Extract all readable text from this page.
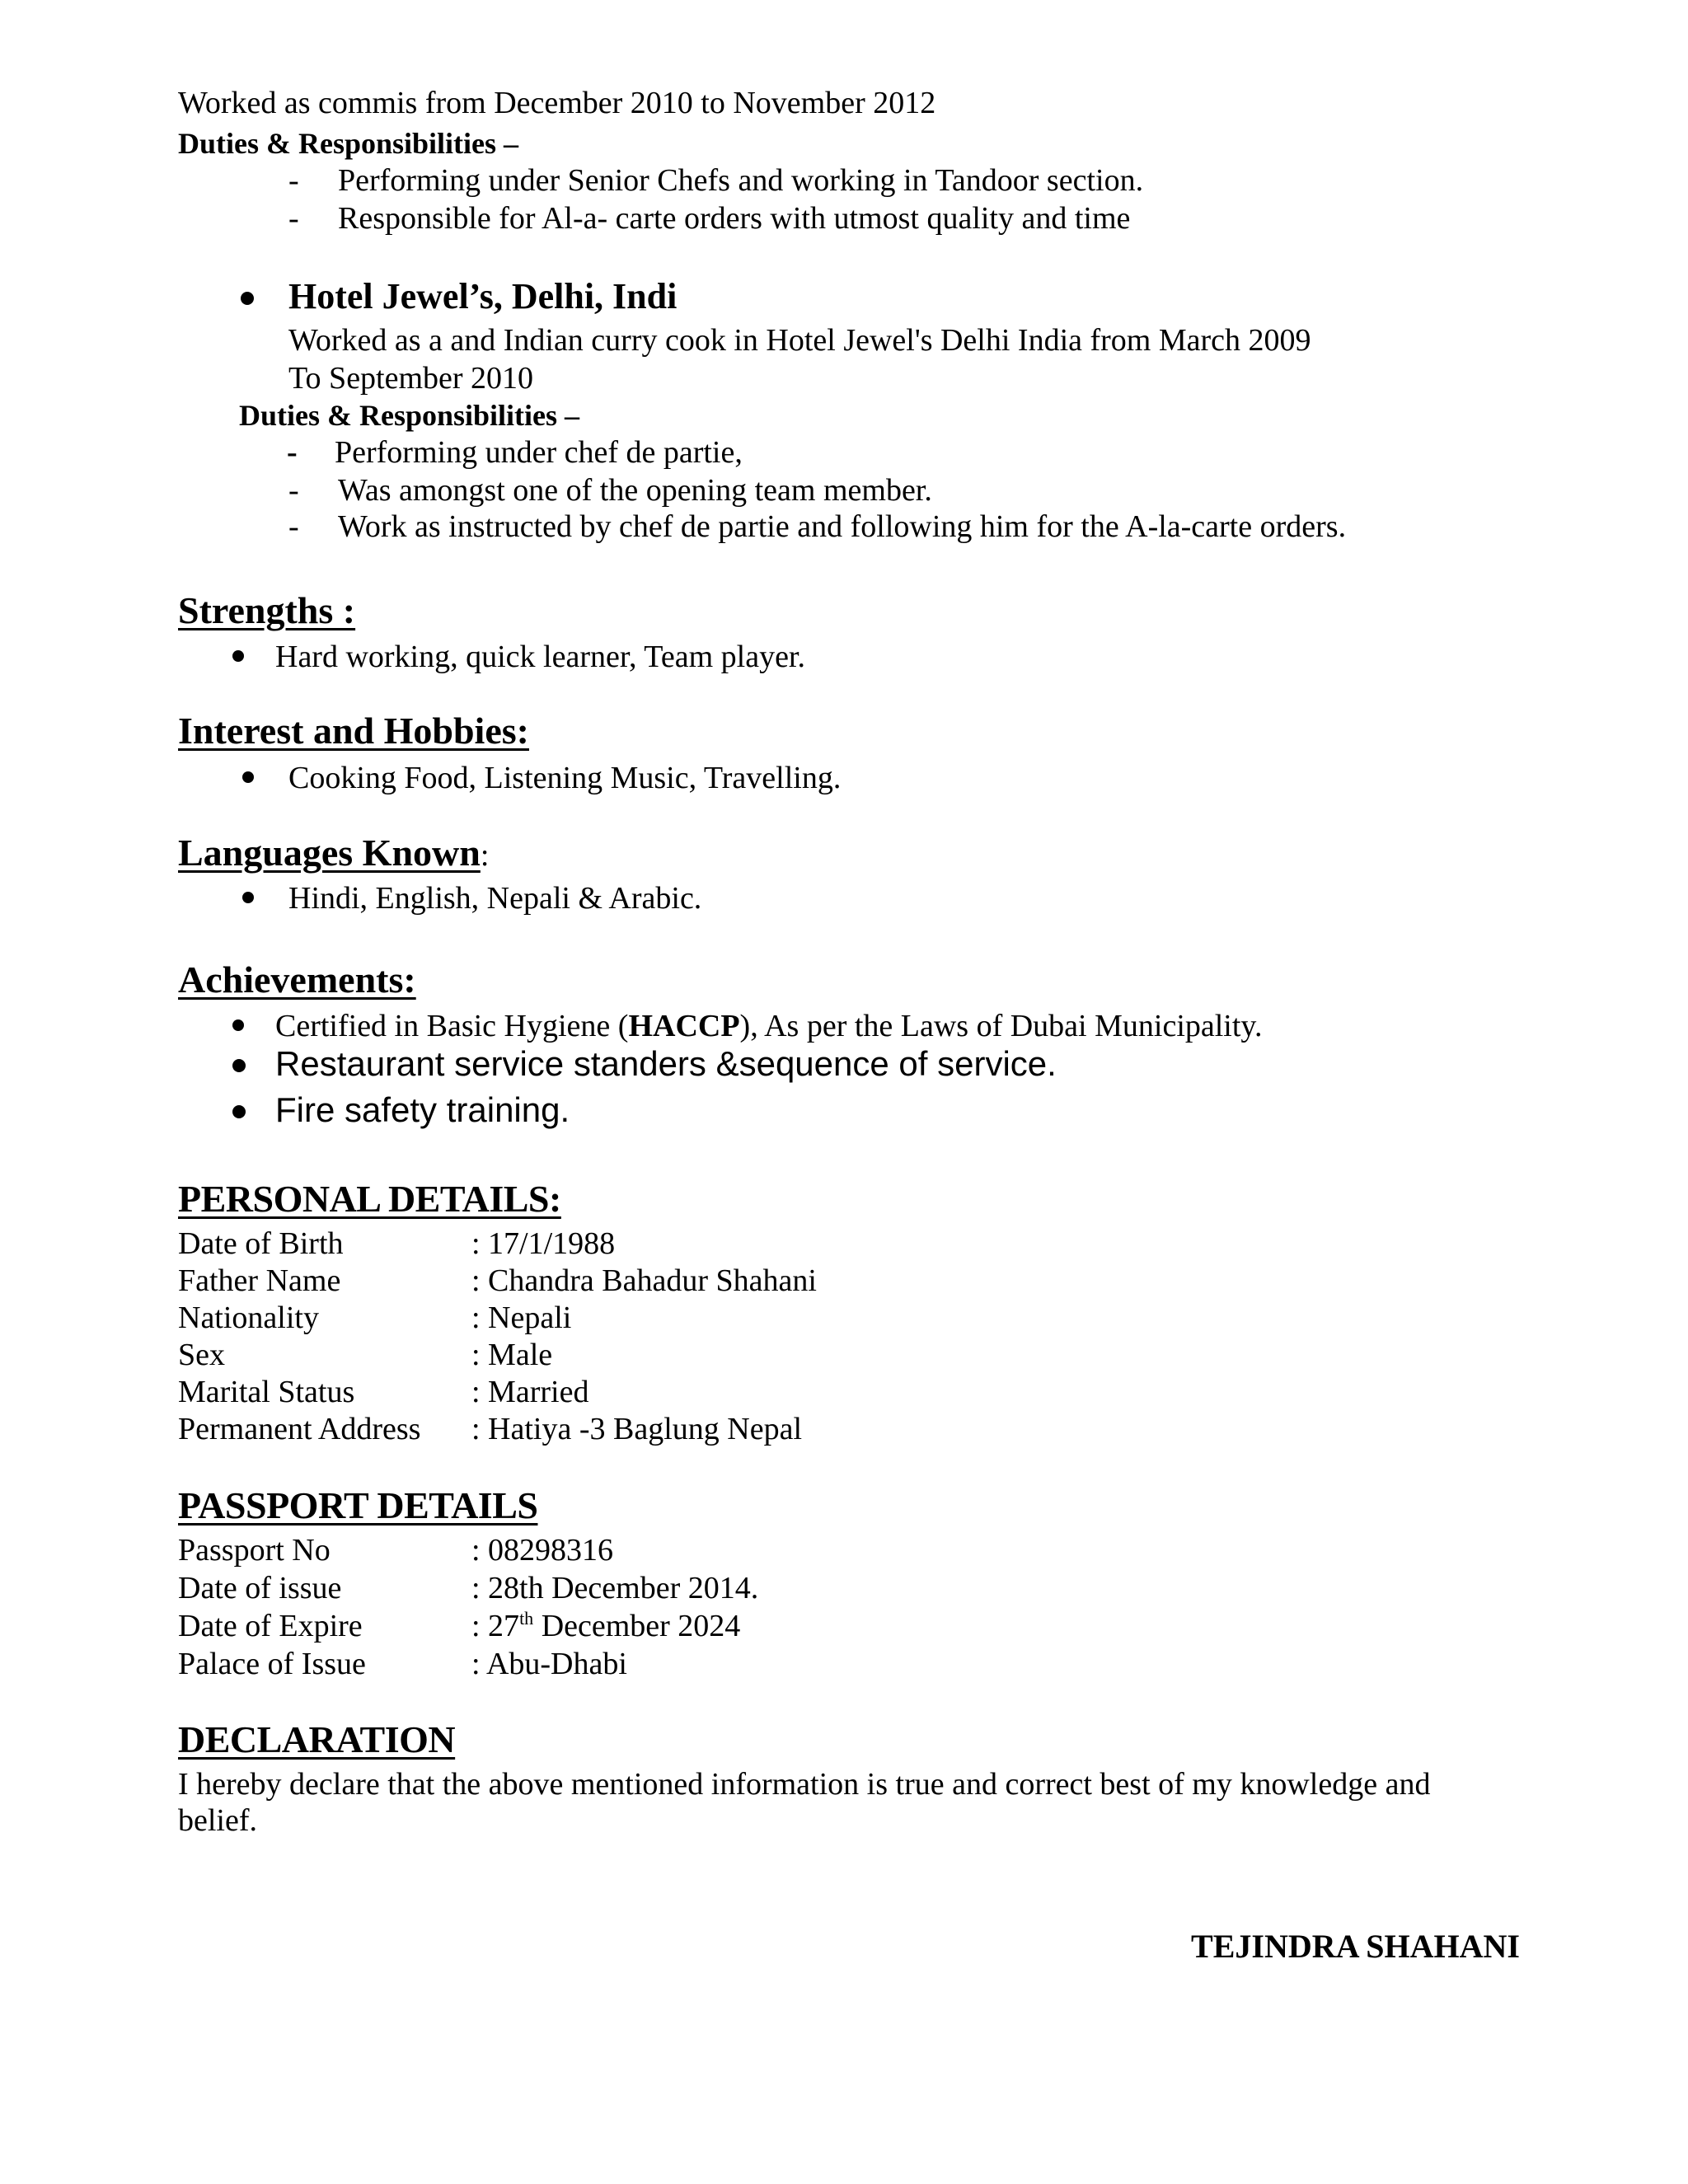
Worked as commis from December 2010 to November 2012
Duties & Responsibilities –
- Performing under Senior Chefs and working in Tandoor section.
- Responsible for Al-a- carte orders with utmost quality and time
Hotel Jewel’s, Delhi, Indi
Worked as a and Indian curry cook in Hotel Jewel's Delhi India from March 2009
To September 2010
Duties & Responsibilities –
- Performing under chef de partie,
- Was amongst one of the opening team member.
- Work as instructed by chef de partie and following him for the A-la-carte orders.
Strengths :
Hard working, quick learner, Team player.
Interest and Hobbies:
Cooking Food, Listening Music, Travelling.
Languages Known:
Hindi, English, Nepali & Arabic.
Achievements:
Certified in Basic Hygiene (HACCP), As per the Laws of Dubai Municipality.
Restaurant service standers &sequence of service.
Fire safety training.
PERSONAL DETAILS:
Date of Birth	: 17/1/1988
Father Name	: Chandra Bahadur Shahani
Nationality	: Nepali
Sex	: Male
Marital Status	: Married
Permanent Address : Hatiya -3 Baglung Nepal
PASSPORT DETAILS
Passport No	: 08298316
Date of issue	: 28th December 2014.
Date of Expire	: 27th December 2024
Palace of Issue	: Abu-Dhabi
DECLARATION
I hereby declare that the above mentioned information is true and correct best of my knowledge and
belief.
TEJINDRA SHAHANI
